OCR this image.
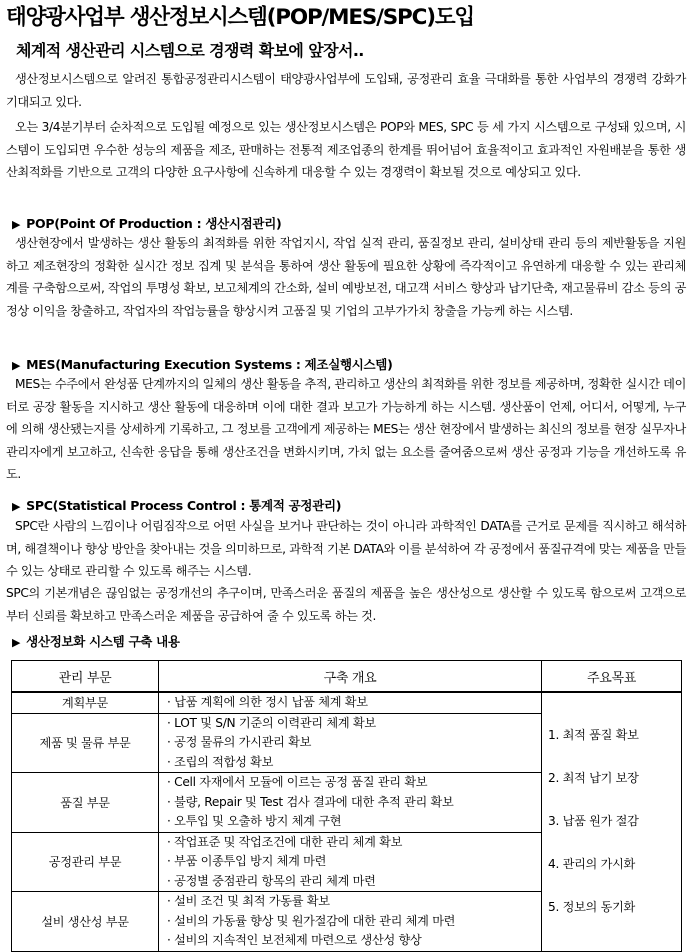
태양광사업부 생산정보시스템(POP/MES/SPC)도입
체계적 생산관리 시스템으로 경쟁력 확보에 앞장서..
생산정보시스템으로 알려진 통합공정관리시스템이 태양광사업부에 도입돼, 공정관리 효율 극대화를 통한 사업부의 경쟁력 강화가 기대되고 있다.
오는 3/4분기부터 순차적으로 도입될 예정으로 있는 생산정보시스템은 POP와 MES, SPC 등 세 가지 시스템으로 구성돼 있으며, 시스템이 도입되면 우수한 성능의 제품을 제조, 판매하는 전통적 제조업종의 한계를 뛰어넘어 효율적이고 효과적인 자원배분을 통한 생산최적화를 기반으로 고객의 다양한 요구사항에 신속하게 대응할 수 있는 경쟁력이 확보될 것으로 예상되고 있다.
▶ POP(Point Of Production : 생산시점관리)
생산현장에서 발생하는 생산 활동의 최적화를 위한 작업지시, 작업 실적 관리, 품질정보 관리, 설비상태 관리 등의 제반활동을 지원하고 제조현장의 정확한 실시간 정보 집계 및 분석을 통하여 생산 활동에 필요한 상황에 즉각적이고 유연하게 대응할 수 있는 관리체계를 구축함으로써, 작업의 투명성 확보, 보고체계의 간소화, 설비 예방보전, 대고객 서비스 향상과 납기단축, 재고물류비 감소 등의 공정상 이익을 창출하고, 작업자의 작업능률을 향상시켜 고품질 및 기업의 고부가가치 창출을 가능케 하는 시스템.
▶ MES(Manufacturing Execution Systems : 제조실행시스템)
MES는 수주에서 완성품 단계까지의 일체의 생산 활동을 추적, 관리하고 생산의 최적화를 위한 정보를 제공하며, 정확한 실시간 데이터로 공장 활동을 지시하고 생산 활동에 대응하며 이에 대한 결과 보고가 가능하게 하는 시스템. 생산품이 언제, 어디서, 어떻게, 누구에 의해 생산됐는지를 상세하게 기록하고, 그 정보를 고객에게 제공하는 MES는 생산 현장에서 발생하는 최신의 정보를 현장 실무자나 관리자에게 보고하고, 신속한 응답을 통해 생산조건을 변화시키며, 가치 없는 요소를 줄여줌으로써 생산 공정과 기능을 개선하도록 유도.
▶ SPC(Statistical Process Control : 통계적 공정관리)
SPC란 사람의 느낌이나 어림짐작으로 어떤 사실을 보거나 판단하는 것이 아니라 과학적인 DATA를 근거로 문제를 직시하고 해석하며, 해결책이나 향상 방안을 찾아내는 것을 의미하므로, 과학적 기본 DATA와 이를 분석하여 각 공정에서 품질규격에 맞는 제품을 만들 수 있는 상태로 관리할 수 있도록 해주는 시스템.
SPC의 기본개념은 끊임없는 공정개선의 추구이며, 만족스러운 품질의 제품을 높은 생산성으로 생산할 수 있도록 함으로써 고객으로부터 신뢰를 확보하고 만족스러운 제품을 공급하여 줄 수 있도록 하는 것.
▶ 생산정보화 시스템 구축 내용
관리 부문	구축 개요	주요목표
계획부문	· 납품 계획에 의한 정시 납품 체계 확보	1. 최적 품질 확보
2. 최적 납기 보장
3. 납품 원가 절감
4. 관리의 가시화
5. 정보의 동기화

제품 및 물류 부문	· LOT 및 S/N 기준의 이력관리 체계 확보
· 공정 물류의 가시관리 확보
· 조립의 적합성 확보	

품질 부문	· Cell 자재에서 모듈에 이르는 공정 품질 관리 확보
· 불량, Repair 및 Test 검사 결과에 대한 추적 관리 확보
· 오투입 및 오출하 방지 체계 구현	

공정관리 부문	· 작업표준 및 작업조건에 대한 관리 체계 확보
· 부품 이종투입 방지 체계 마련
· 공정별 중점관리 항목의 관리 체계 마련	

설비 생산성 부문	· 설비 조건 및 최적 가동률 확보
· 설비의 가동률 향상 및 원가절감에 대한 관리 체계 마련
· 설비의 지속적인 보전체제 마련으로 생산성 향상	
